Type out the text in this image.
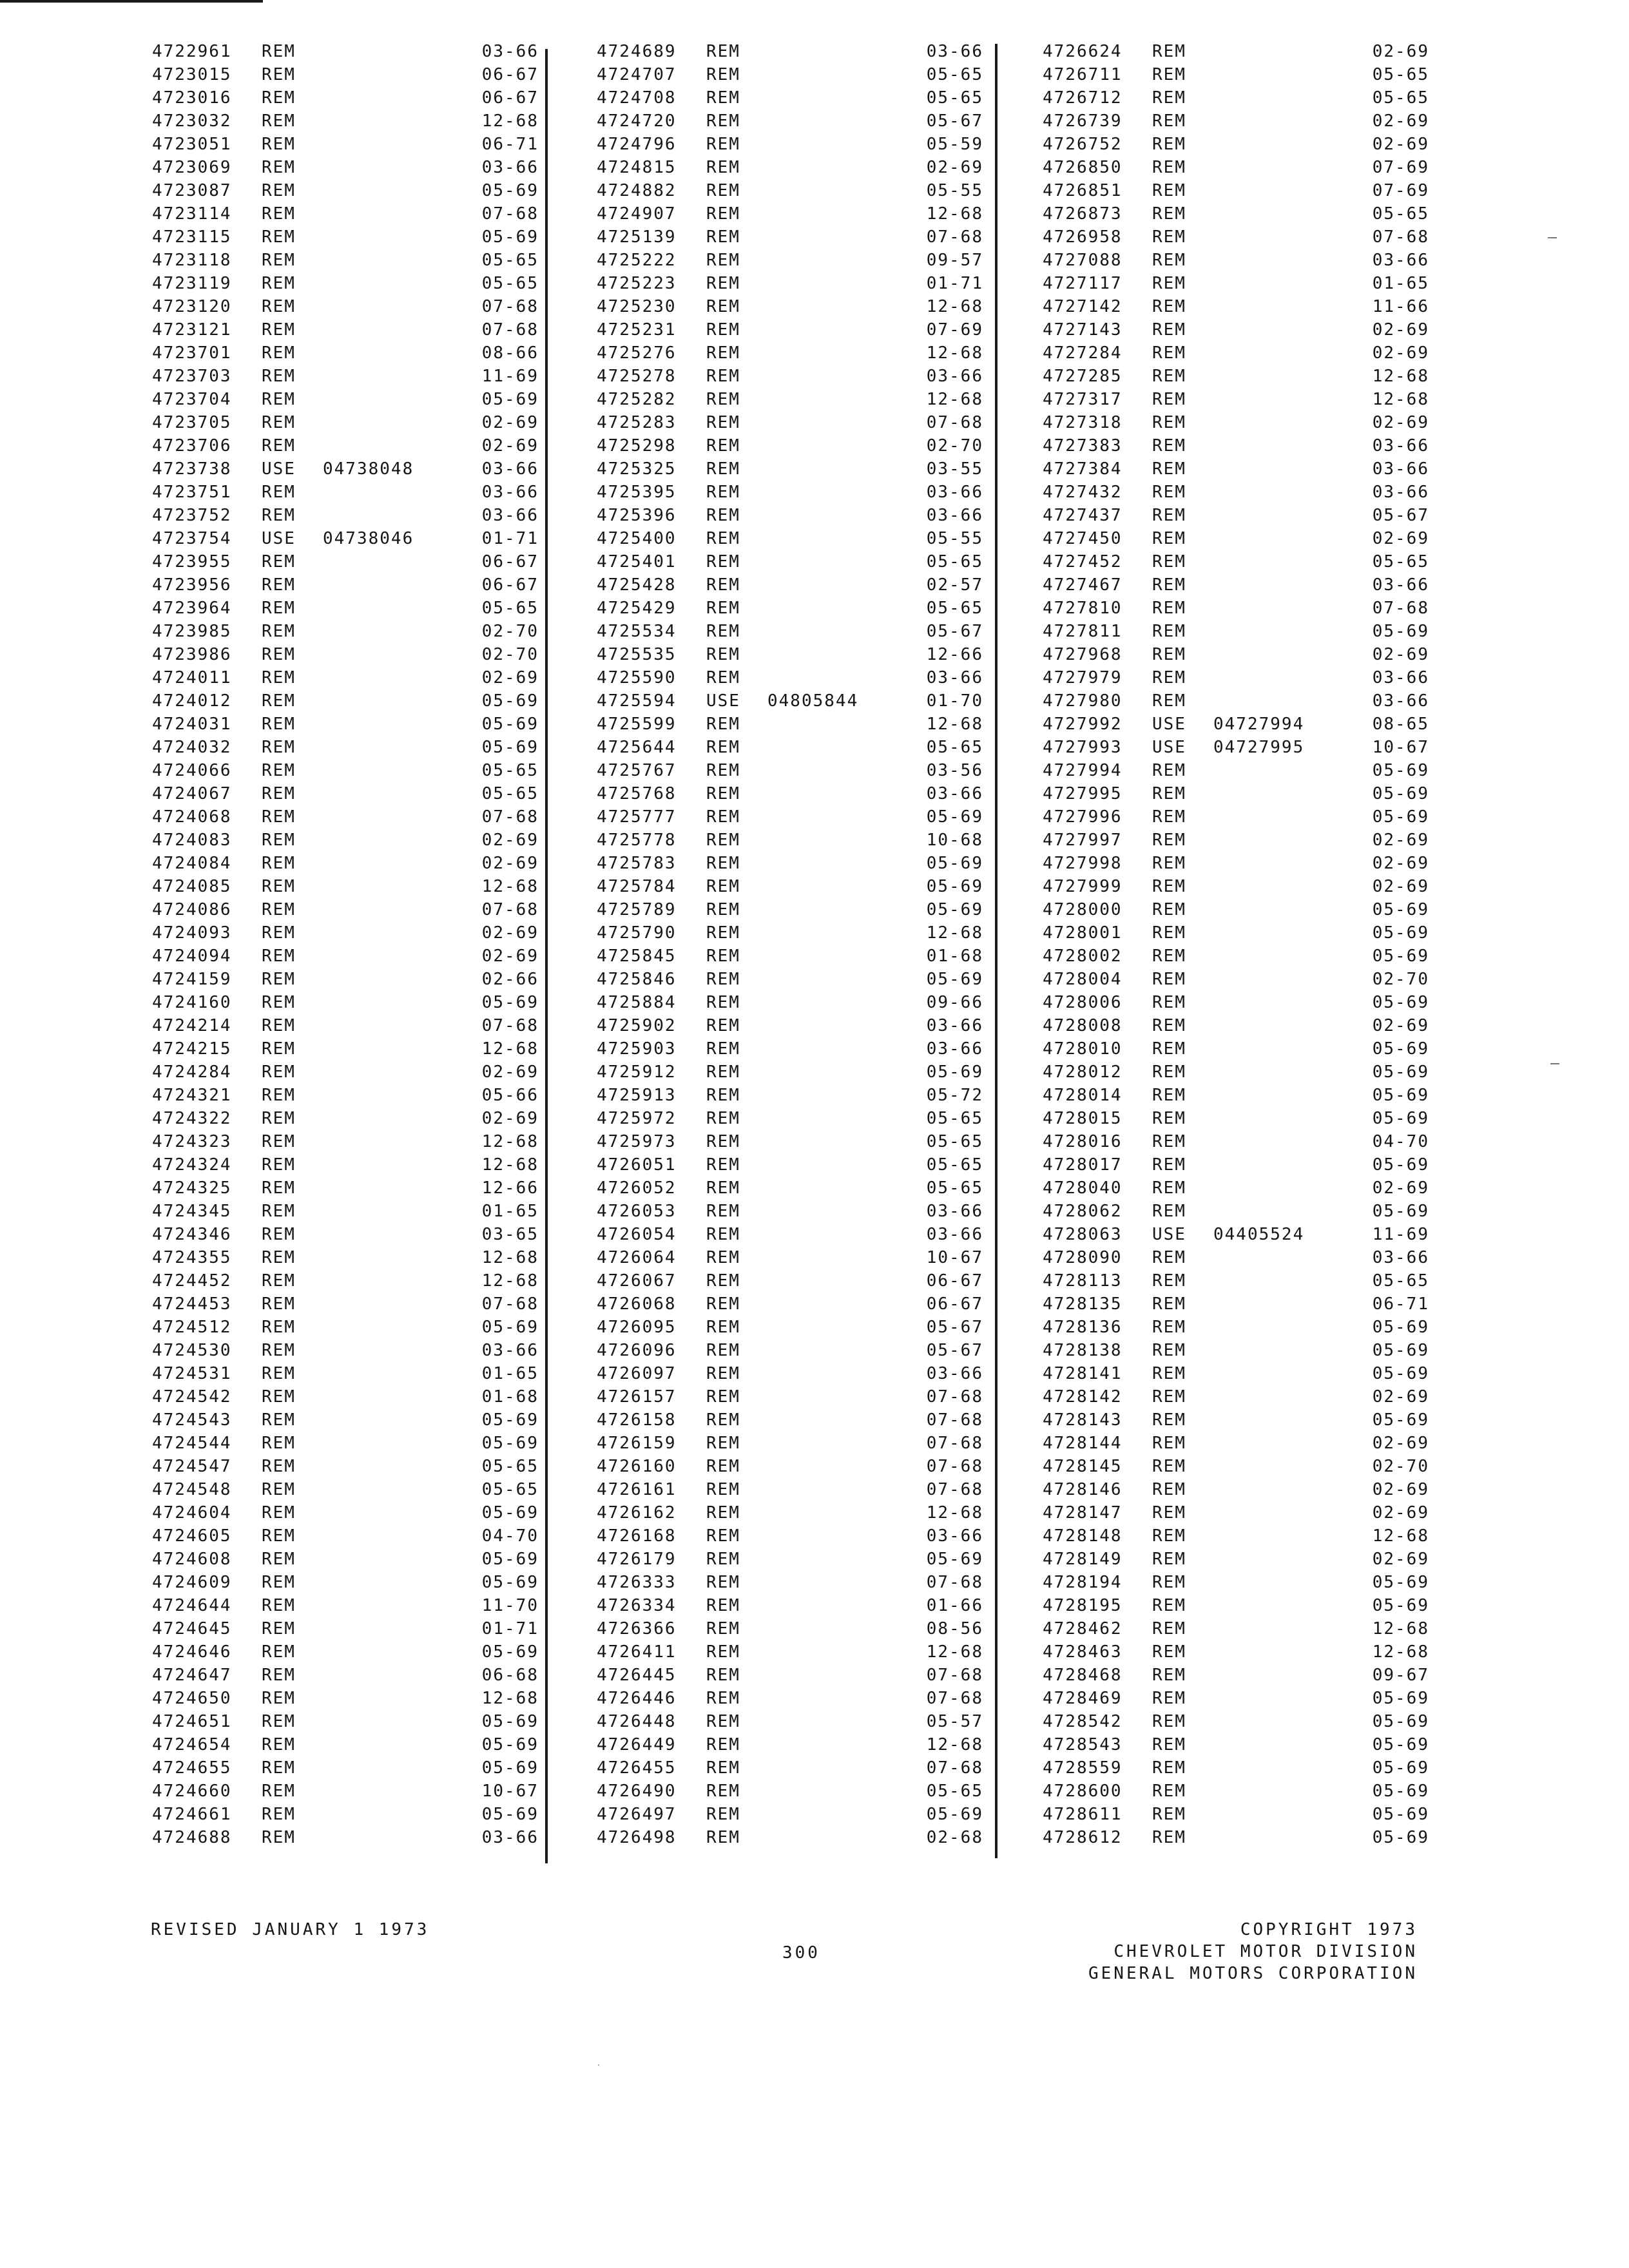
4722961 REM	03-66
4723015 REM	06-67
4723016 REM	06-67
4723032 REM	12-68
4723051 REM	06-71
4723069 REM	03-66
4723087 REM	05-69
4723114 REM	07-68
4723115 REM	05-69
4723118 REM	05-65
4723119 REM	05-65
4723120 REM	07-68
4723121 REM	07-68
4723701 REM	08-66
4723703 REM	11-69
4723704 REM	05-69
4723705 REM	02-69
4723706 REM	02-69
4723738 USE 04738048	03-66
4723751 REM	03-66
4723752 REM	03-66
4723754 USE 04738046	01-71
4723955 REM	06-67
4723956 REM	06-67
4723964 REM	05-65
4723985 REM	02-70
4723986 REM	02-70
4724011 REM	02-69
4724012 REM	05-69
4724031 REM	05-69
4724032 REM	05-69
4724066 REM	05-65
4724067 REM	05-65
4724068 REM	07-68
4724083 REM	02-69
4724084 REM	02-69
4724085 REM	12-68
4724086 REM	07-68
4724093 REM	02-69
4724094 REM	02-69
4724159 REM	02-66
4724160 REM	05-69
4724214 REM	07-68
4724215 REM	12-68
4724284 REM	02-69
4724321 REM	05-66
4724322 REM	02-69
4724323 REM	12-68
4724324 REM	12-68
4724325 REM	12-66
4724345 REM	01-65
4724346 REM	03-65
4724355 REM	12-68
4724452 REM	12-68
4724453 REM	07-68
4724512 REM	05-69
4724530 REM	03-66
4724531 REM	01-65
4724542 REM	01-68
4724543 REM	05-69
4724544 REM	05-69
4724547 REM	05-65
4724548 REM	05-65
4724604 REM	05-69
4724605 REM	04-70
4724608 REM	05-69
4724609 REM	05-69
4724644 REM	11-70
4724645 REM	01-71
4724646 REM	05-69
4724647 REM	06-68
4724650 REM	12-68
4724651 REM	05-69
4724654 REM	05-69
4724655 REM	05-69
4724660 REM	10-67
4724661 REM	05-69
4724688 REM	03-66
4724689 REM	03-66
4724707 REM	05-65
4724708 REM	05-65
4724720 REM	05-67
4724796 REM	05-59
4724815 REM	02-69
4724882 REM	05-55
4724907 REM	12-68
4725139 REM	07-68
4725222 REM	09-57
4725223 REM	01-71
4725230 REM	12-68
4725231 REM	07-69
4725276 REM	12-68
4725278 REM	03-66
4725282 REM	12-68
4725283 REM	07-68
4725298 REM	02-70
4725325 REM	03-55
4725395 REM	03-66
4725396 REM	03-66
4725400 REM	05-55
4725401 REM	05-65
4725428 REM	02-57
4725429 REM	05-65
4725534 REM	05-67
4725535 REM	12-66
4725590 REM	03-66
4725594 USE 04805844	01-70
4725599 REM	12-68
4725644 REM	05-65
4725767 REM	03-56
4725768 REM	03-66
4725777 REM	05-69
4725778 REM	10-68
4725783 REM	05-69
4725784 REM	05-69
4725789 REM	05-69
4725790 REM	12-68
4725845 REM	01-68
4725846 REM	05-69
4725884 REM	09-66
4725902 REM	03-66
4725903 REM	03-66
4725912 REM	05-69
4725913 REM	05-72
4725972 REM	05-65
4725973 REM	05-65
4726051 REM	05-65
4726052 REM	05-65
4726053 REM	03-66
4726054 REM	03-66
4726064 REM	10-67
4726067 REM	06-67
4726068 REM	06-67
4726095 REM	05-67
4726096 REM	05-67
4726097 REM	03-66
4726157 REM	07-68
4726158 REM	07-68
4726159 REM	07-68
4726160 REM	07-68
4726161 REM	07-68
4726162 REM	12-68
4726168 REM	03-66
4726179 REM	05-69
4726333 REM	07-68
4726334 REM	01-66
4726366 REM	08-56
4726411 REM	12-68
4726445 REM	07-68
4726446 REM	07-68
4726448 REM	05-57
4726449 REM	12-68
4726455 REM	07-68
4726490 REM	05-65
4726497 REM	05-69
4726498 REM	02-68
4726624 REM	02-69
4726711 REM	05-65
4726712 REM	05-65
4726739 REM	02-69
4726752 REM	02-69
4726850 REM	07-69
4726851 REM	07-69
4726873 REM	05-65
4726958 REM	07-68
4727088 REM	03-66
4727117 REM	01-65
4727142 REM	11-66
4727143 REM	02-69
4727284 REM	02-69
4727285 REM	12-68
4727317 REM	12-68
4727318 REM	02-69
4727383 REM	03-66
4727384 REM	03-66
4727432 REM	03-66
4727437 REM	05-67
4727450 REM	02-69
4727452 REM	05-65
4727467 REM	03-66
4727810 REM	07-68
4727811 REM	05-69
4727968 REM	02-69
4727979 REM	03-66
4727980 REM	03-66
4727992 USE 04727994	08-65
4727993 USE 04727995	10-67
4727994 REM	05-69
4727995 REM	05-69
4727996 REM	05-69
4727997 REM	02-69
4727998 REM	02-69
4727999 REM	02-69
4728000 REM	05-69
4728001 REM	05-69
4728002 REM	05-69
4728004 REM	02-70
4728006 REM	05-69
4728008 REM	02-69
4728010 REM	05-69
4728012 REM	05-69
4728014 REM	05-69
4728015 REM	05-69
4728016 REM	04-70
4728017 REM	05-69
4728040 REM	02-69
4728062 REM	05-69
4728063 USE 04405524	11-69
4728090 REM	03-66
4728113 REM	05-65
4728135 REM	06-71
4728136 REM	05-69
4728138 REM	05-69
4728141 REM	05-69
4728142 REM	02-69
4728143 REM	05-69
4728144 REM	02-69
4728145 REM	02-70
4728146 REM	02-69
4728147 REM	02-69
4728148 REM	12-68
4728149 REM	02-69
4728194 REM	05-69
4728195 REM	05-69
4728462 REM	12-68
4728463 REM	12-68
4728468 REM	09-67
4728469 REM	05-69
4728542 REM	05-69
4728543 REM	05-69
4728559 REM	05-69
4728600 REM	05-69
4728611 REM	05-69
4728612 REM	05-69
REVISED JANUARY 1 1973
300
COPYRIGHT 1973
CHEVROLET MOTOR DIVISION
GENERAL MOTORS CORPORATION
